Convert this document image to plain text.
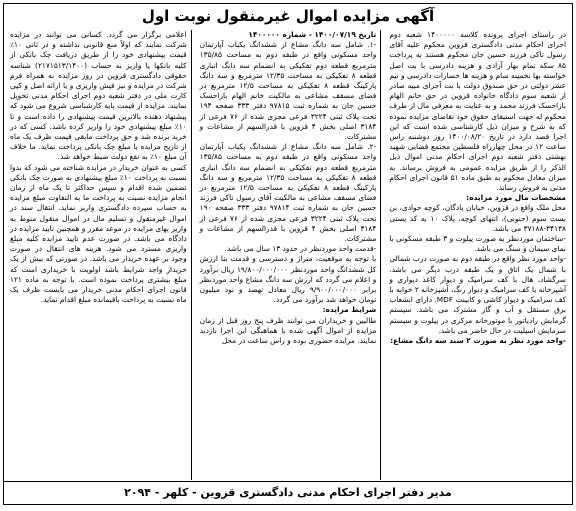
آگهی مزایده اموال غیرمنقول نوبت اول

در راستای اجرای پرونده کلاسه ۱۴۰۰۰۰۰ شعبه دوم اجرای احکام مدنی دادگستری قزوین محکوم علیه آقای رسول تاکی فرزند حسین جان محکوم هستند به پرداخت ۸۵ سکه تمام بهار آزادی و هزینه دادرسی با بت اصل خواسته بها تخمینه سام و هزینه ها خسارات دادرسی و نیم عشر دولتی در حق صندوق دولت با بت آجرای مبیه صادر از شعبه سوم دادگاه خانواده قزوین در حق خانم الهام بازاحسک فرزند محمد و به عنایت به معرفی مال از طرف محکوم له جهت استیفای حقوق خود تقاضای مزایده نموده که به شرح و میزان ذیل کارشناسی شده است که این اجرا قصد دارد در تاریخ ۱۴۰۰/۰۸/۲۰ روز دوشنبه راس ساعت ۱۲ در محل چهارراه فلسطین مجتمع قضایی شهید بهشتی دفتر شعبه دوم اجرای احکام مدنی اموال ذیل الذکر را از طریق مزایده عمومی به فروش برساند. به میزان معادل محکوم به طبق ماده ۵۱ قانون اجرای احکام مدنی به فروش رساند.

مشخصات مال مورد مزایده:

محل ملک واقع در قزوین، خیابان پادگان، کوچه جوادی، بن بست سوم (جنوبی)، انتهای کوچه، پلاک ۱۰ به کد پستی ۳۴۱۳۸-۳۷۱۸۸ می باشد.

-ساختمان موردنظر به صورت پیلوت و ۳ طبقه مسکونی با نمای سیمان و سنگ می باشد.

-واحد مورد نظر واقع در طبقه دوم به صورت درب شمالی با شمال یک اتاق و یک طبقه درب دیگر می باشد. سرگشاد، هال با کف سرامیک و دیوار کاغذ دیواری و آشپزخانه با کف سرامیک و دیوار رنگ، آشپزخانه ۲ خوابه با کف سرامیک و دیوار کاشی و کابینت MDF. دارای انشعاب برق مستقل و آب و گاز مشترک می باشد. سیستم گرمایش رادیاتور با موتورخانه مرکزی در پیلوت و سیستم سرمایش اسپلیت در حال حاضر می باشد.

-واحد مورد نظر به صورت ۲ سند سه دانگ مشاع:

تاریخ ۱۴۰۰/۰۷/۱۹ - شماره ۱۴۰۰۰۰۰

-۱. شامل سه دانگ مشاع از ششدانگ یکباب آپارتمان واحد مسکونی واقع در طبقه دوم به مساحت ۱۳۵/۸۵ مترمربع قطعه دوم تفکیکی به انضمام سه دانگ انباری قطعه ۸ تفکیکی به مساحت ۱۲/۳۵ مترمربع و سه دانگ پارکینگ قطعه ۸ تفکیکی به مساحت ۱۲/۵ مترمربع در فضای مسقف مشاعی به مالکیت خانم الهام بازاحسک حسین جان به شماره ثبت ۹۷۸۱۵ دفتر ۳۳۳ صفحه ۱۹۴ تحت پلاک ثبتی ۳۲۲۴ فرعی مجزی شده از ۷۶ فرعی از ۳۱۸۴ اصلی بخش ۴ قزوین با قدرالسهم از مشاعات و مشترکات.

-۲. شامل سه دانگ مشاع از ششدانگ یکباب آپارتمان واحد مسکونی واقع در طبقه دوم به مساحت ۱۳۵/۸۵ مترمربع قطعه دوم تفکیکی به انضمام سه دانگ انباری قطعه ۸ تفکیکی به مساحت ۱۲/۳۵ مترمربع و سه دانگ پارکینگ قطعه ۸ تفکیکی به مساحت ۱۲/۵ مترمربع در فضای مسقف مشاعی به مالکیت آقای رسول تاکی فرزند حسین جان به شماره ثبت ۹۷۸۱۴ دفتر ۳۳۳ صفحه ۱۹۰ تحت پلاک ثبتی ۳۲۲۴ فرعی مجزی شده از ۷۶ فرعی از ۳۱۸۴ اصلی بخش ۴ قزوین با قدرالسهم از مشاعات و مشترکات.

-قدمت واحد موردنظر در حدود ۱۳ سال می باشد.

با توجه به موقعیت، متراژ و دسترسی و قدمت بنا ارزش کل ششدانگ واحد موردنظر ۱۹/۸۰۰/۰۰۰/۰۰۰ ریال برآورد و اعلام می گردد که ارزش سه دانگ مشاع واحد موردنظر برابر ۹/۹۰۰/۰۰۰/۰۰۰ ریال معادل نهصد و نود میلیون تومان خواهد شد برآورد می گردد.

شرایط مزایده:

طالبین و خریداران می توانند ظرف پنج روز قبل از زمان مزایده از اموال آگهی شده با هماهنگی این اجرا بازدید نمایند. مزایده حضوری بوده و راس ساعت در محل

اعلامی برگزار می گردد. کسانی می توانند در مزایده شرکت نمایند که اولاً منع قانونی نداشته و در ثانی ۱۰٪ قیمت پیشنهادی خود را از طریق دریافت چک بانکی از کلیه بانکها یا واریز به حساب (۲۱۷۱۵۱۳/۱۴۰۰) شناسه حقوقی دادگستری قزوین در روز مزایده به همراه فرم شرکت در مزایده و نیز فیش واریزی و یا ارائه اصل و کپی کارت ملی در دفتر شعبه دوم اجرای احکام مدنی تحویل نمایند. مزایده از قیمت پایه کارشناسی شروع می شود که پیشنهاد دهنده بالاترین قیمت پیشنهادی را داده است و تا ۱۰٪ مبلغ پیشنهادی خود را واریز کرده باشد. کسی که در خرید برنده شد و حق پرداخت مابقی قیمت ظرف یک ماه از تاریخ مزایده با مبلغ چک بانکی پرداخت نماید. ما خلاف آن مبلغ ۱۰٪ به نفع دولت ضبط خواهد شد.

کسی به عنوان خریدار در مزایده شناخته می شود که بدوا نسبت به پرداخت ۱۰٪ مبلغ پیشنهادی به صورت چک بانکی تضمین شده اقدام و سپس حداکثر تا یک ماه از زمان انجام مزایده نسبت به پرداخت ما به التفاوت مبلغ مزایده به حساب سپرده دادگستری واریز نماید. انتقال سند در اموال غیرمنقول و تسلیم مال در اموال منقول منوط به واریز بهای مزایده در موعد مقرر و همچنین تایید مزایده در دادگاه می باشد. در صورت عدم تایید مزایده کلیه مبلغ واریزی مسترد می شود. هزینه های انتقال در صورت وجود بر عهده خریدار می باشد. در صورتی که بیش از یک خریدار واجد شرایط باشد اولویت با خریداری است که مبلغ بیشتری پرداخت نموده است. با توجه به ماده ۱۲۱ قانون اجرای احکام مدنی خریدار می بایست ظرف یک ماه نسبت به پرداخت باقیمانده مبلغ اقدام نماید.

مدیر دفتر اجرای احکام مدنی دادگستری قزوین - کلهر - ۲۰۹۴
